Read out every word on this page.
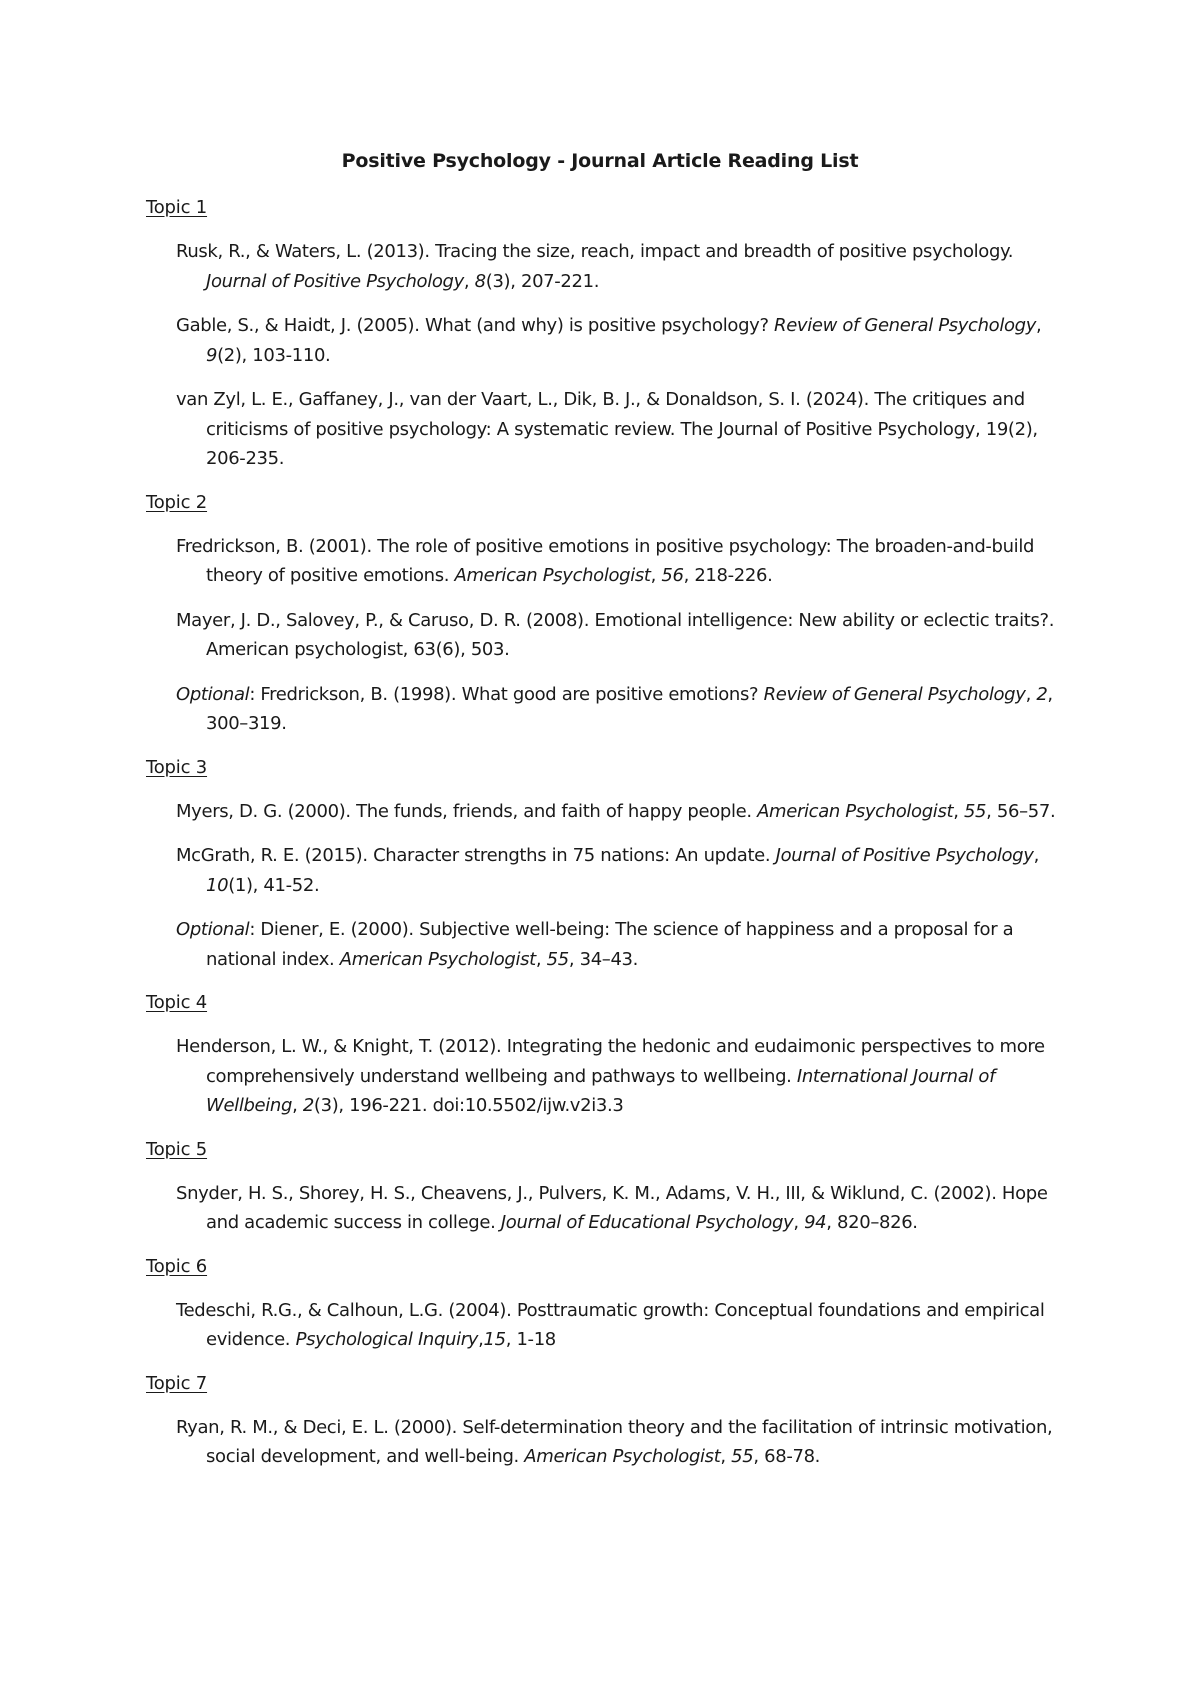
Positive Psychology - Journal Article Reading List
Topic 1
Rusk, R., & Waters, L. (2013). Tracing the size, reach, impact and breadth of positive psychology. Journal of Positive Psychology, 8(3), 207-221.
Gable, S., & Haidt, J. (2005). What (and why) is positive psychology? Review of General Psychology, 9(2), 103-110.
van Zyl, L. E., Gaffaney, J., van der Vaart, L., Dik, B. J., & Donaldson, S. I. (2024). The critiques and criticisms of positive psychology: A systematic review. The Journal of Positive Psychology, 19(2), 206-235.
Topic 2
Fredrickson, B. (2001). The role of positive emotions in positive psychology: The broaden-and-build theory of positive emotions. American Psychologist, 56, 218-226.
Mayer, J. D., Salovey, P., & Caruso, D. R. (2008). Emotional intelligence: New ability or eclectic traits?. American psychologist, 63(6), 503.
Optional: Fredrickson, B. (1998). What good are positive emotions? Review of General Psychology, 2, 300–319.
Topic 3
Myers, D. G. (2000). The funds, friends, and faith of happy people. American Psychologist, 55, 56–57.
McGrath, R. E. (2015). Character strengths in 75 nations: An update. Journal of Positive Psychology, 10(1), 41-52.
Optional: Diener, E. (2000). Subjective well-being: The science of happiness and a proposal for a national index. American Psychologist, 55, 34–43.
Topic 4
Henderson, L. W., & Knight, T. (2012). Integrating the hedonic and eudaimonic perspectives to more comprehensively understand wellbeing and pathways to wellbeing. International Journal of Wellbeing, 2(3), 196-221. doi:10.5502/ijw.v2i3.3
Topic 5
Snyder, H. S., Shorey, H. S., Cheavens, J., Pulvers, K. M., Adams, V. H., III, & Wiklund, C. (2002). Hope and academic success in college. Journal of Educational Psychology, 94, 820–826.
Topic 6
Tedeschi, R.G., & Calhoun, L.G. (2004). Posttraumatic growth: Conceptual foundations and empirical evidence. Psychological Inquiry,15, 1-18
Topic 7
Ryan, R. M., & Deci, E. L. (2000). Self-determination theory and the facilitation of intrinsic motivation, social development, and well-being. American Psychologist, 55, 68-78.
